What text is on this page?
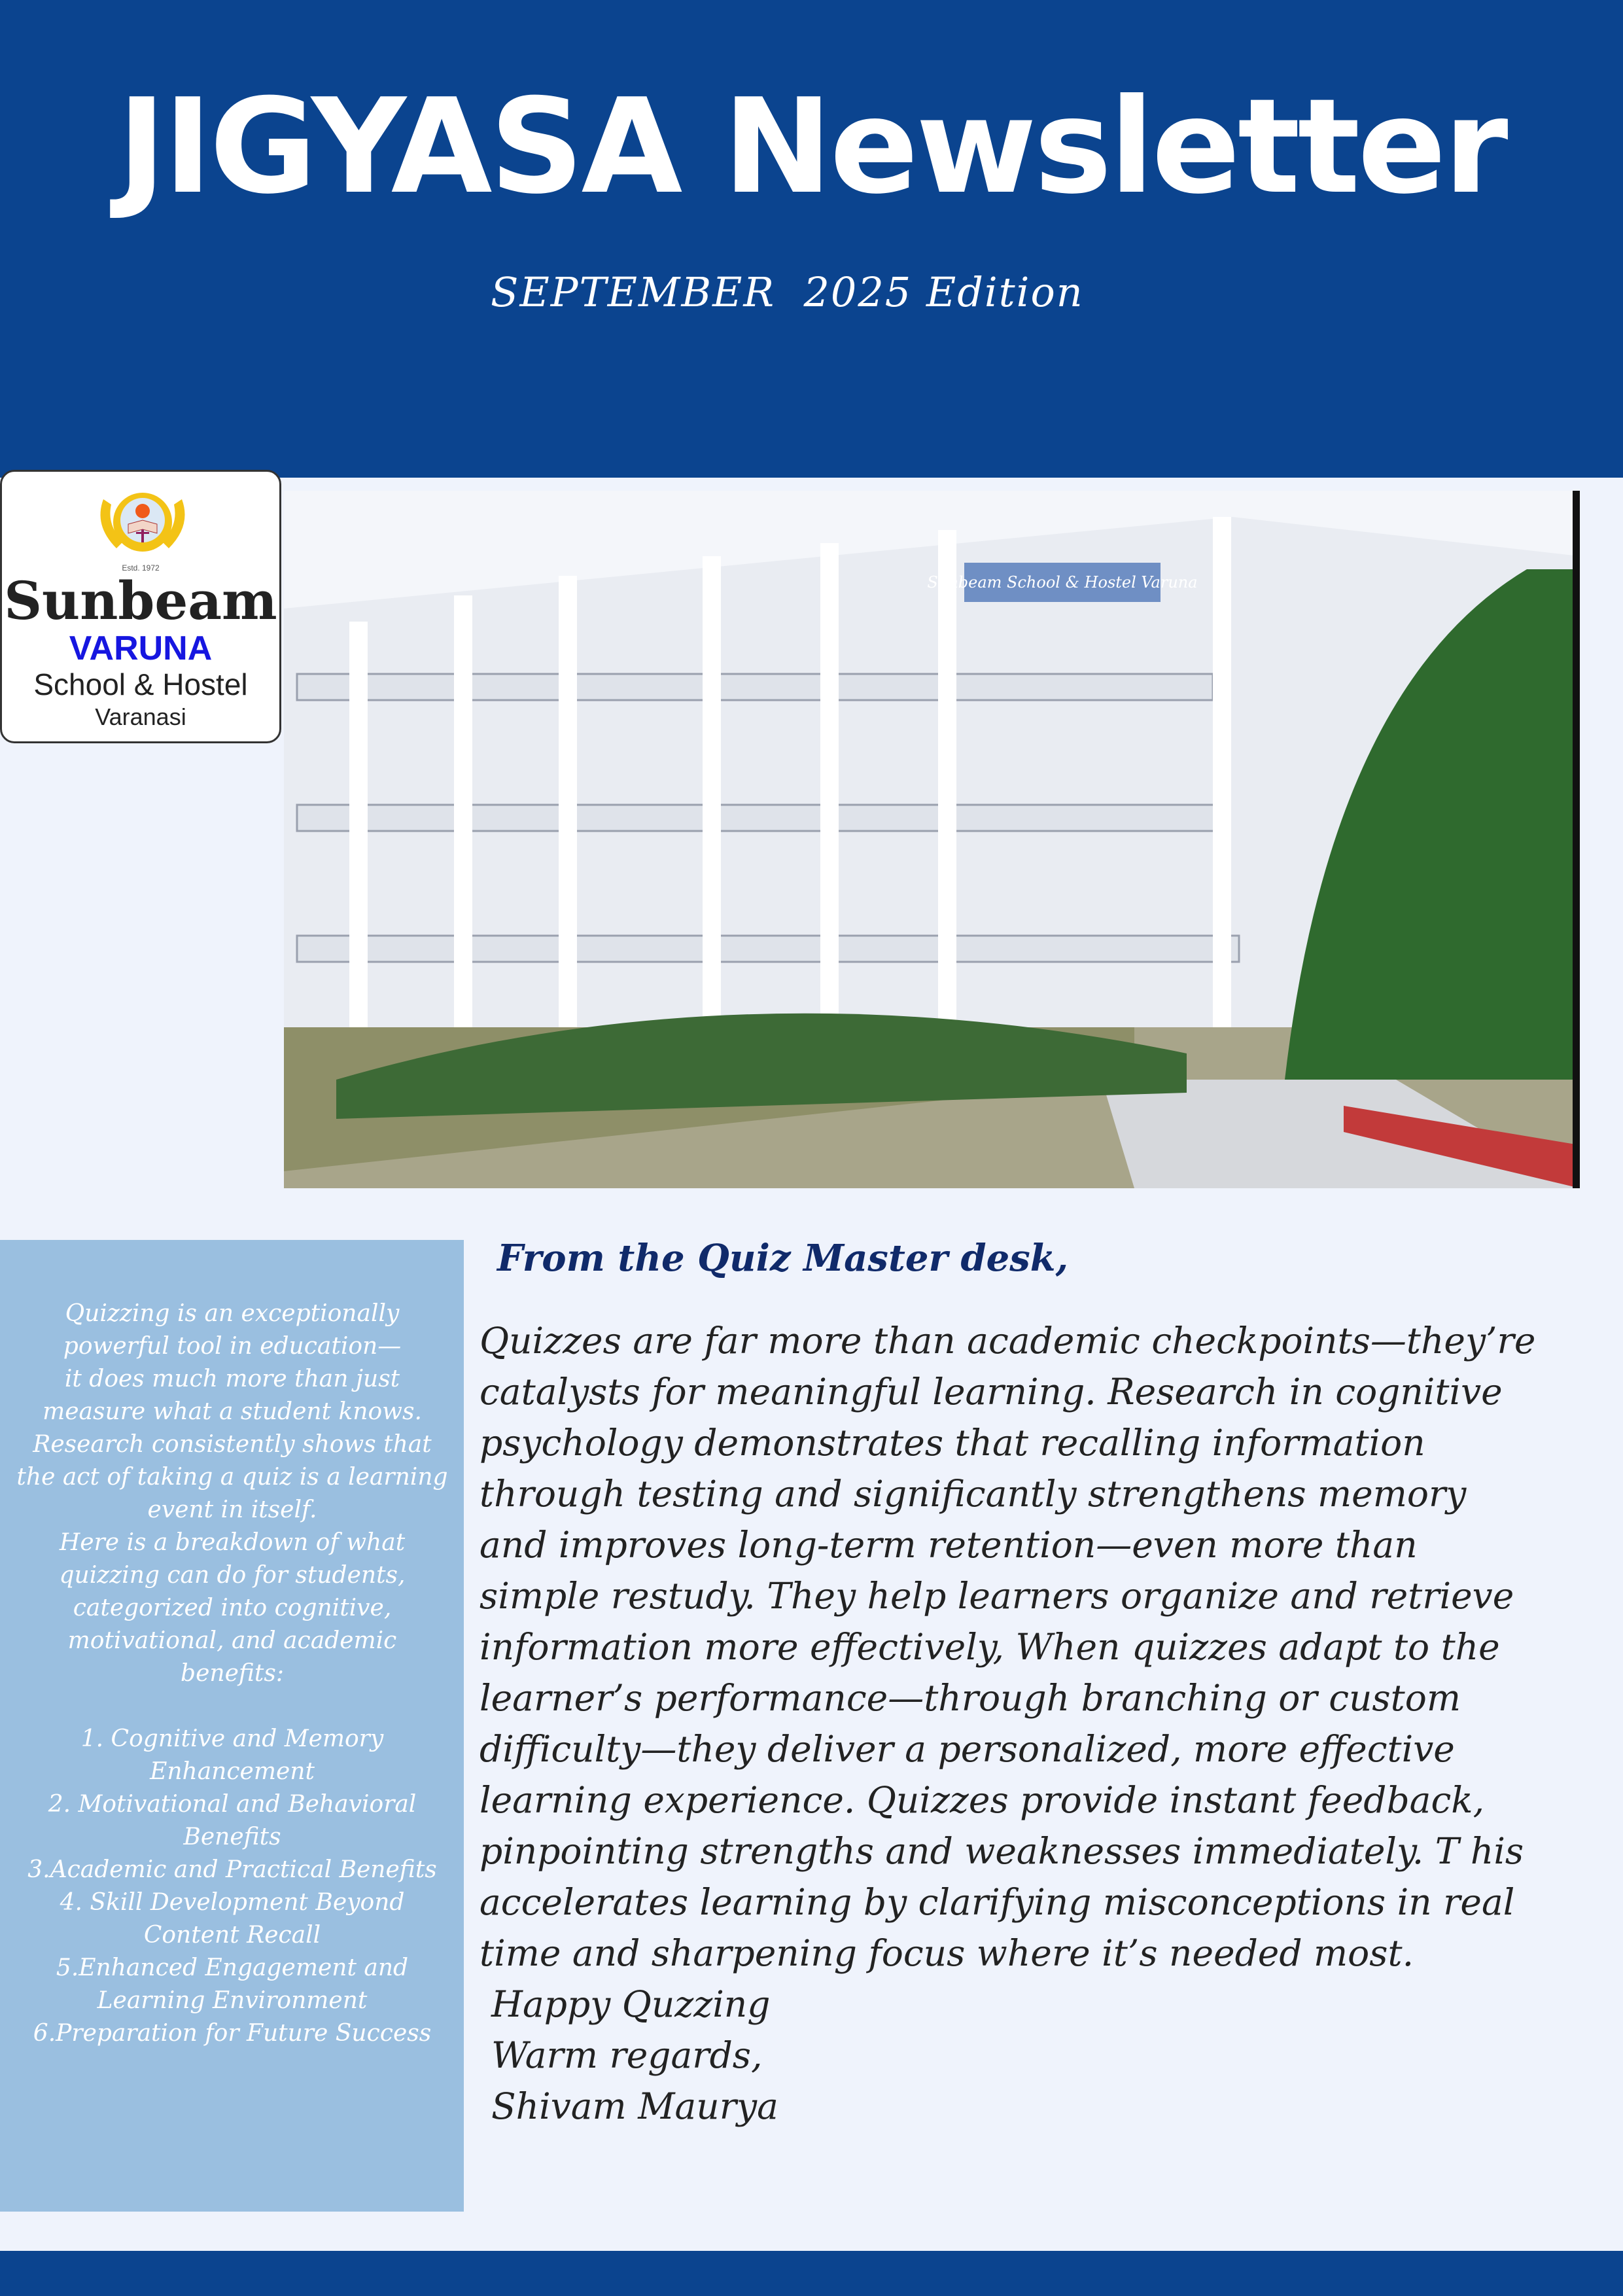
JIGYASA Newsletter
SEPTEMBER  2025 Edition
Estd. 1972
Sunbeam
VARUNA
School & Hostel
Varanasi
Sunbeam School & Hostel Varuna

Quizzing is an exceptionally
powerful tool in education—
it does much more than just
measure what a student knows.
Research consistently shows that
the act of taking a quiz is a learning
event in itself.
Here is a breakdown of what
quizzing can do for students,
categorized into cognitive,
motivational, and academic
benefits:

1. Cognitive and Memory
Enhancement
2. Motivational and Behavioral
Benefits
3.Academic and Practical Benefits
4. Skill Development Beyond
Content Recall
5.Enhanced Engagement and
Learning Environment
6.Preparation for Future Success

From the Quiz Master desk,
Quizzes are far more than academic checkpoints—they’re
catalysts for meaningful learning. Research in cognitive
psychology demonstrates that recalling information
through testing and significantly strengthens memory
and improves long-term retention—even more than
simple restudy. They help learners organize and retrieve
information more effectively, When quizzes adapt to the
learner’s performance—through branching or custom
difficulty—they deliver a personalized, more effective
learning experience. Quizzes provide instant feedback,
pinpointing strengths and weaknesses immediately. T his
accelerates learning by clarifying misconceptions in real
time and sharpening focus where it’s needed most.
Happy Quzzing
Warm regards,
Shivam Maurya
